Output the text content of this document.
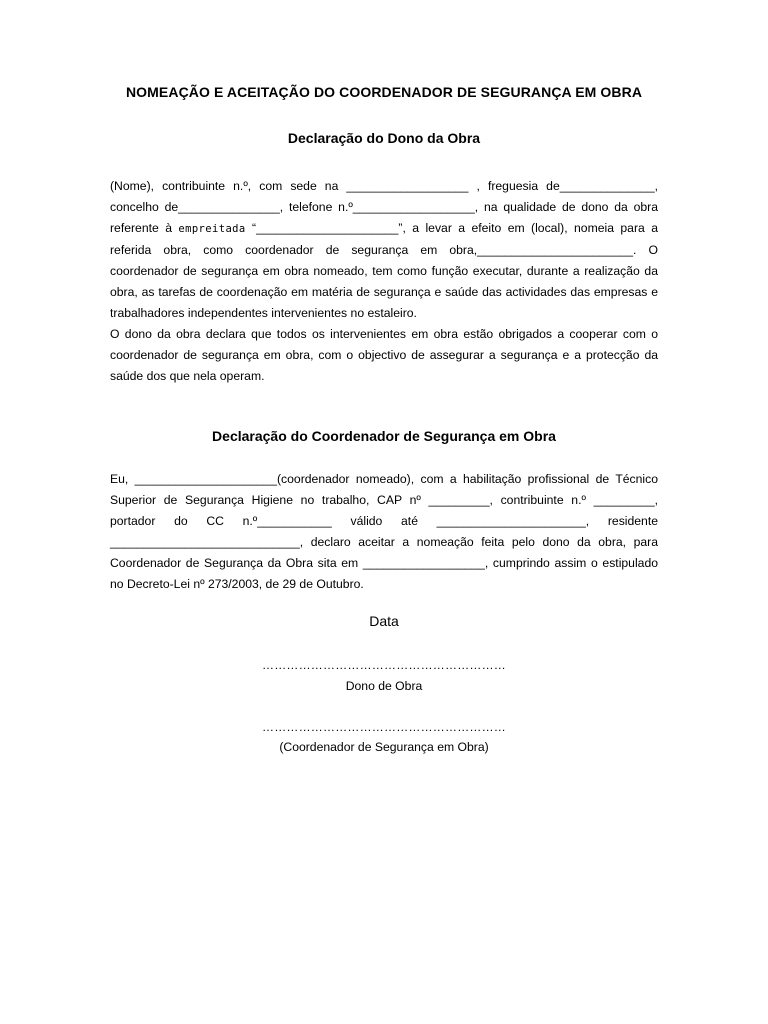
NOMEAÇÃO E ACEITAÇÃO DO COORDENADOR DE SEGURANÇA EM OBRA
Declaração do Dono da Obra

(Nome), contribuinte n.º, com sede na __________________ , freguesia de______________, concelho de_______________, telefone n.º__________________, na qualidade de dono da obra referente à empreitada “_____________________”, a levar a efeito em (local), nomeia para a referida obra, como coordenador de segurança em obra,_______________________. O coordenador de segurança em obra nomeado, tem como função executar, durante a realização da obra, as tarefas de coordenação em matéria de segurança e saúde das actividades das empresas e trabalhadores independentes intervenientes no estaleiro.

O dono da obra declara que todos os intervenientes em obra estão obrigados a cooperar com o coordenador de segurança em obra, com o objectivo de assegurar a segurança e a protecção da saúde dos que nela operam.

Declaração do Coordenador de Segurança em Obra

Eu, _____________________(coordenador nomeado), com a habilitação profissional de Técnico Superior de Segurança Higiene no trabalho, CAP nº _________, contribuinte n.º _________, portador do CC n.º___________ válido até ______________________, residente ____________________________, declaro aceitar a nomeação feita pelo dono da obra, para Coordenador de Segurança da Obra sita em __________________, cumprindo assim o estipulado no Decreto-Lei nº 273/2003, de 29 de Outubro.

Data
……………………………………………………
Dono de Obra
……………………………………………………
(Coordenador de Segurança em Obra)
